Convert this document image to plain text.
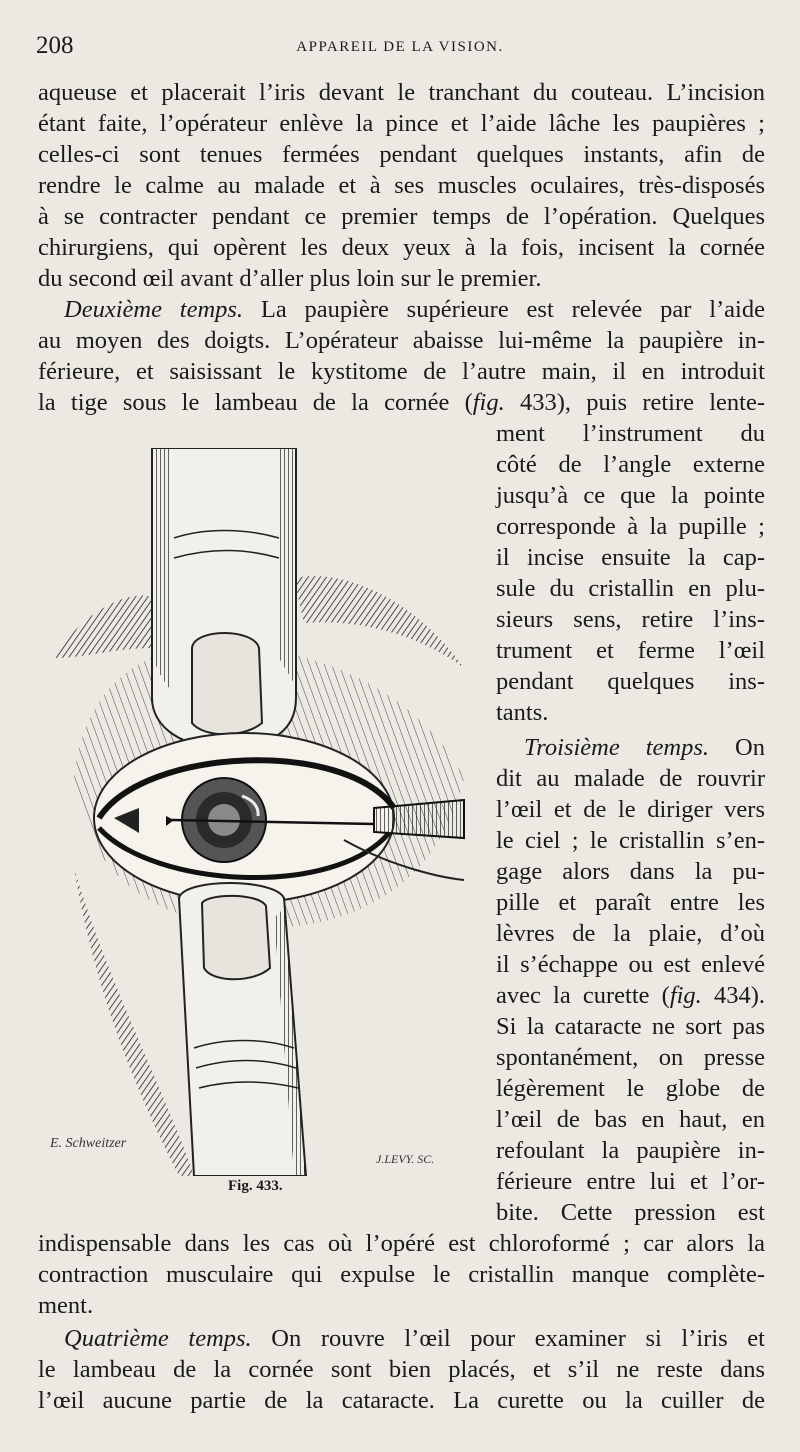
208	APPAREIL DE LA VISION.
aqueuse et placerait l’iris devant le tranchant du couteau. L’incision
étant faite, l’opérateur enlève la pince et l’aide lâche les paupières ;
celles-ci sont tenues fermées pendant quelques instants, afin de
rendre le calme au malade et à ses muscles oculaires, très-disposés
à se contracter pendant ce premier temps de l’opération. Quelques
chirurgiens, qui opèrent les deux yeux à la fois, incisent la cornée
du second œil avant d’aller plus loin sur le premier.
Deuxième temps. La paupière supérieure est relevée par l’aide
au moyen des doigts. L’opérateur abaisse lui-même la paupière in-
férieure, et saisissant le kystitome de l’autre main, il en introduit
la tige sous le lambeau de la cornée (fig. 433), puis retire lente-
ment l’instrument du
côté de l’angle externe
jusqu’à ce que la pointe
corresponde à la pupille ;
il incise ensuite la cap-
sule du cristallin en plu-
sieurs sens, retire l’ins-
trument et ferme l’œil
pendant quelques ins-
tants.
Troisième temps. On
dit au malade de rouvrir
l’œil et de le diriger vers
le ciel ; le cristallin s’en-
gage alors dans la pu-
pille et paraît entre les
lèvres de la plaie, d’où
il s’échappe ou est enlevé
avec la curette (fig. 434).
Si la cataracte ne sort pas
spontanément, on presse
légèrement le globe de
l’œil de bas en haut, en
refoulant la paupière in-
férieure entre lui et l’or-
bite. Cette pression est
indispensable dans les cas où l’opéré est chloroformé ; car alors la
contraction musculaire qui expulse le cristallin manque complète-
ment.
Quatrième temps. On rouvre l’œil pour examiner si l’iris et
le lambeau de la cornée sont bien placés, et s’il ne reste dans
l’œil aucune partie de la cataracte. La curette ou la cuiller de
E. Schweitzer
J.LEVY. SC.
Fig. 433.
